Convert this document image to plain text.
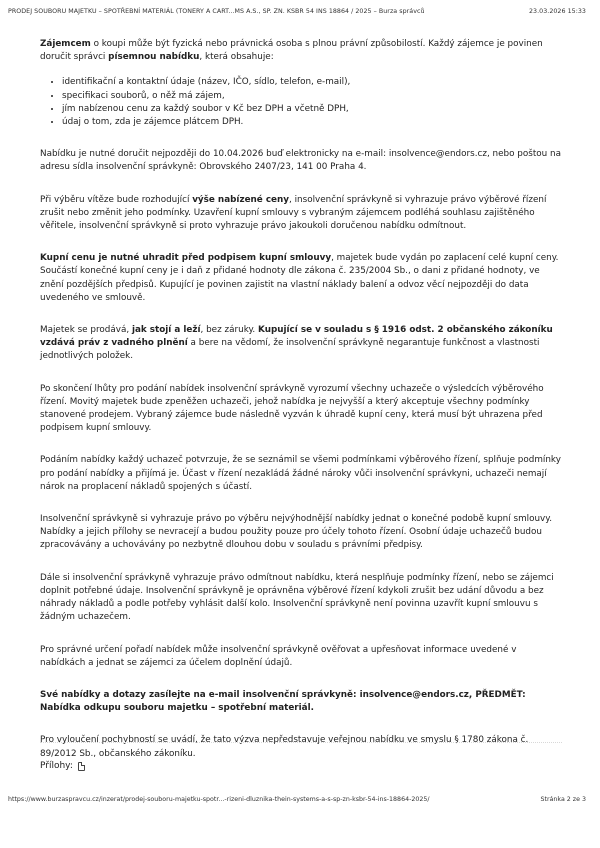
PRODEJ SOUBORU MAJETKU – SPOTŘEBNÍ MATERIÁL (TONERY A CART...MS A.S., SP. ZN. KSBR 54 INS 18864 / 2025 – Burza správců	23.03.2026 15:33

Zájemcem o koupi může být fyzická nebo právnická osoba s plnou právní způsobilostí. Každý zájemce je povinen doručit správci písemnou nabídku, která obsahuje:

• identifikační a kontaktní údaje (název, IČO, sídlo, telefon, e-mail),
• specifikaci souborů, o něž má zájem,
• jím nabízenou cenu za každý soubor v Kč bez DPH a včetně DPH,
• údaj o tom, zda je zájemce plátcem DPH.

Nabídku je nutné doručit nejpozději do 10.04.2026 buď elektronicky na e-mail: insolvence@endors.cz, nebo poštou na adresu sídla insolvenční správkyně: Obrovského 2407/23, 141 00 Praha 4.

Při výběru vítěze bude rozhodující výše nabízené ceny, insolvenční správkyně si vyhrazuje právo výběrové řízení zrušit nebo změnit jeho podmínky. Uzavření kupní smlouvy s vybraným zájemcem podléhá souhlasu zajištěného věřitele, insolvenční správkyně si proto vyhrazuje právo jakoukoli doručenou nabídku odmítnout.

Kupní cenu je nutné uhradit před podpisem kupní smlouvy, majetek bude vydán po zaplacení celé kupní ceny. Součástí konečné kupní ceny je i daň z přidané hodnoty dle zákona č. 235/2004 Sb., o dani z přidané hodnoty, ve znění pozdějších předpisů. Kupující je povinen zajistit na vlastní náklady balení a odvoz věcí nejpozději do data uvedeného ve smlouvě.

Majetek se prodává, jak stojí a leží, bez záruky. Kupující se v souladu s § 1916 odst. 2 občanského zákoníku vzdává práv z vadného plnění a bere na vědomí, že insolvenční správkyně negarantuje funkčnost a vlastnosti jednotlivých položek.

Po skončení lhůty pro podání nabídek insolvenční správkyně vyrozumí všechny uchazeče o výsledcích výběrového řízení. Movitý majetek bude zpeněžen uchazeči, jehož nabídka je nejvyšší a který akceptuje všechny podmínky stanovené prodejem. Vybraný zájemce bude následně vyzván k úhradě kupní ceny, která musí být uhrazena před podpisem kupní smlouvy.

Podáním nabídky každý uchazeč potvrzuje, že se seznámil se všemi podmínkami výběrového řízení, splňuje podmínky pro podání nabídky a přijímá je. Účast v řízení nezakládá žádné nároky vůči insolvenční správkyni, uchazeči nemají nárok na proplacení nákladů spojených s účastí.

Insolvenční správkyně si vyhrazuje právo po výběru nejvýhodnější nabídky jednat o konečné podobě kupní smlouvy. Nabídky a jejich přílohy se nevracejí a budou použity pouze pro účely tohoto řízení. Osobní údaje uchazečů budou zpracovávány a uchovávány po nezbytně dlouhou dobu v souladu s právními předpisy.

Dále si insolvenční správkyně vyhrazuje právo odmítnout nabídku, která nesplňuje podmínky řízení, nebo se zájemci doplnit potřebné údaje. Insolvenční správkyně je oprávněna výběrové řízení kdykoli zrušit bez udání důvodu a bez náhrady nákladů a podle potřeby vyhlásit další kolo. Insolvenční správkyně není povinna uzavřít kupní smlouvu s žádným uchazečem.

Pro správné určení pořadí nabídek může insolvenční správkyně ověřovat a upřesňovat informace uvedené v nabídkách a jednat se zájemci za účelem doplnění údajů.

Své nabídky a dotazy zasílejte na e-mail insolvenční správkyně: insolvence@endors.cz, PŘEDMĚT: Nabídka odkupu souboru majetku – spotřební materiál.

Pro vyloučení pochybností se uvádí, že tato výzva nepředstavuje veřejnou nabídku ve smyslu § 1780 zákona č. 89/2012 Sb., občanského zákoníku.

Přílohy:
https://www.burzaspravcu.cz/inzerat/prodej-souboru-majetku-spotr...-rizeni-dluznika-thein-systems-a-s-sp-zn-ksbr-54-ins-18864-2025/	Stránka 2 ze 3
